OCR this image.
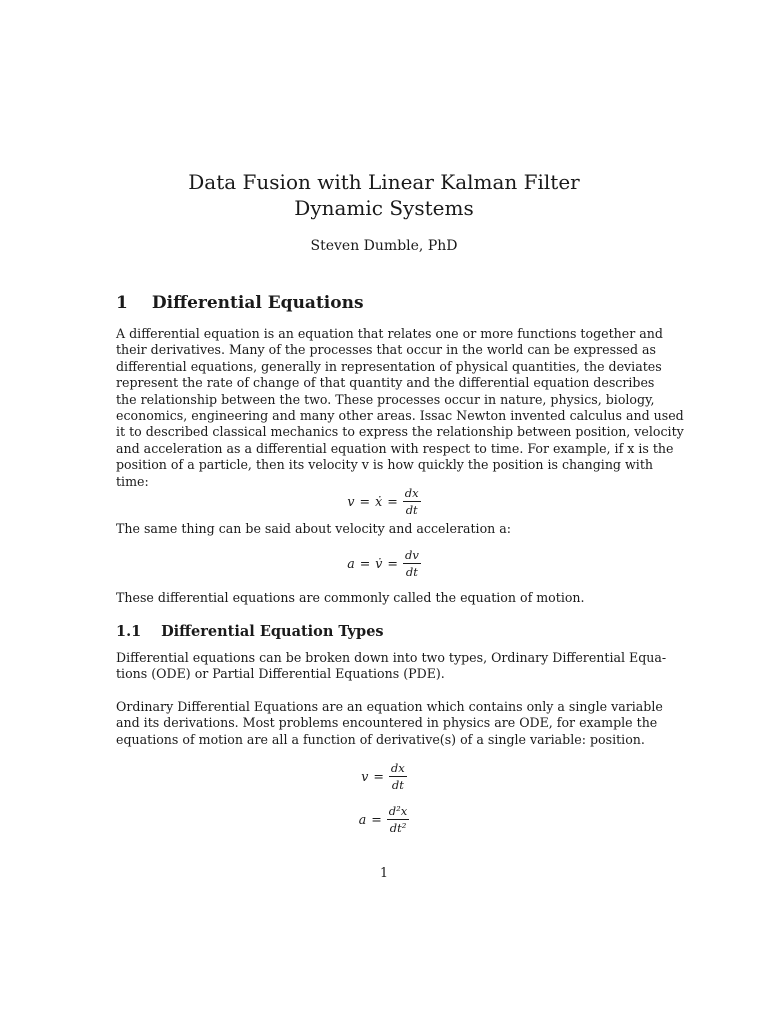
Data Fusion with Linear Kalman Filter
Dynamic Systems
Steven Dumble, PhD
1 Differential Equations
A differential equation is an equation that relates one or more functions together and
their derivatives. Many of the processes that occur in the world can be expressed as
differential equations, generally in representation of physical quantities, the deviates
represent the rate of change of that quantity and the differential equation describes
the relationship between the two. These processes occur in nature, physics, biology,
economics, engineering and many other areas. Issac Newton invented calculus and used
it to described classical mechanics to express the relationship between position, velocity
and acceleration as a differential equation with respect to time. For example, if x is the
position of a particle, then its velocity v is how quickly the position is changing with
time:
v = ẋ = $\frac{dx}{dt}$
The same thing can be said about velocity and acceleration a:
a = v̇ = $\frac{dv}{dt}$
These differential equations are commonly called the equation of motion.
1.1 Differential Equation Types
Differential equations can be broken down into two types, Ordinary Differential Equa-
tions (ODE) or Partial Differential Equations (PDE).
Ordinary Differential Equations are an equation which contains only a single variable
and its derivations. Most problems encountered in physics are ODE, for example the
equations of motion are all a function of derivative(s) of a single variable: position.
$v = \frac{dx}{dt}$
$a = \frac{\text{d²x}}{\text{dt²}}$
1
